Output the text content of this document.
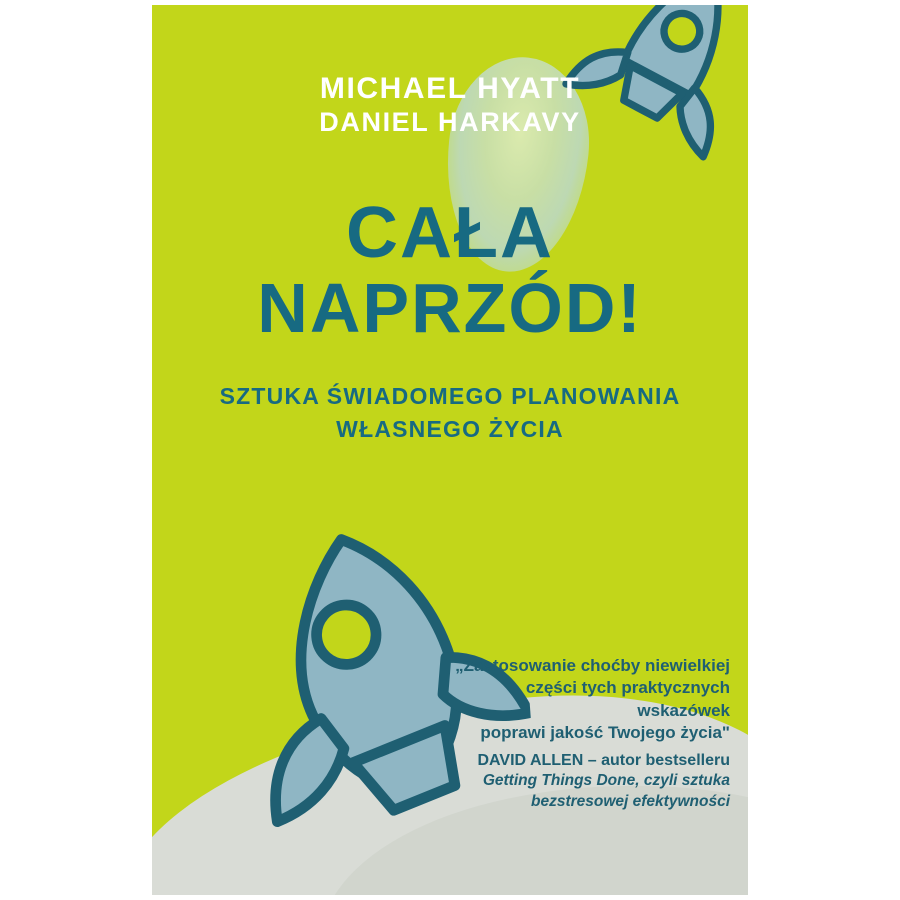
MICHAEL HYATT
DANIEL HARKAVY
CAŁA
NAPRZÓD!
SZTUKA ŚWIADOMEGO PLANOWANIA
WŁASNEGO ŻYCIA
„Zastosowanie choćby niewielkiej
części tych praktycznych wskazówek
poprawi jakość Twojego życia"
DAVID ALLEN – autor bestselleru
Getting Things Done, czyli sztuka
bezstresowej efektywności
